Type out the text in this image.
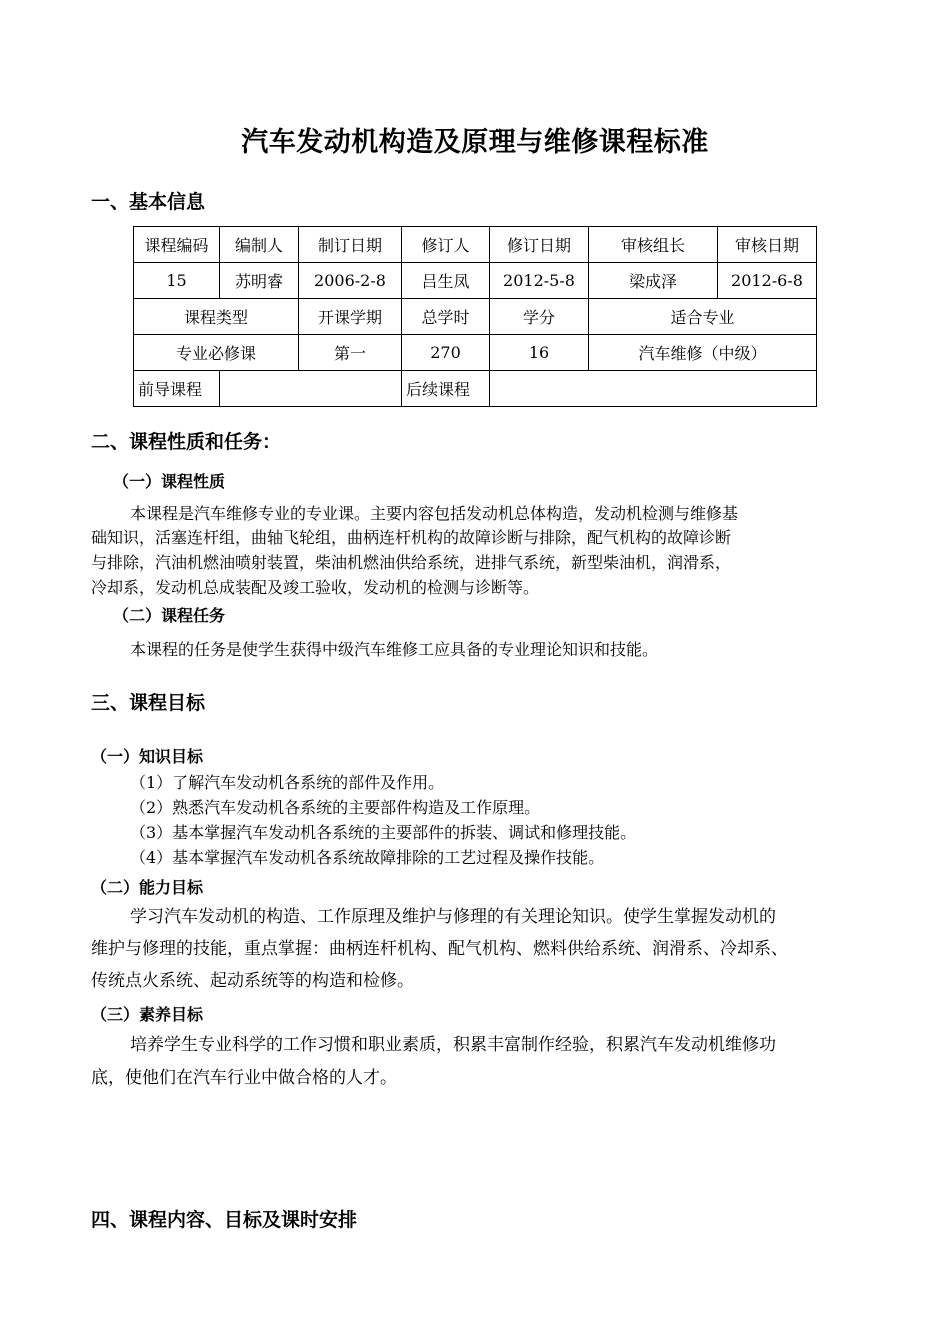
汽车发动机构造及原理与维修课程标准
一、基本信息
课程编码	编制人	制订日期	修订人	修订日期	审核组长	审核日期
15	苏明睿	2006-2-8	吕生凤	2012-5-8	梁成泽	2012-6-8
课程类型		开课学期	总学时	学分	适合专业	
专业必修课		第一	270	16	汽车维修（中级）	
前导课程			后续课程			
二、课程性质和任务：
（一）课程性质
本课程是汽车维修专业的专业课。主要内容包括发动机总体构造，发动机检测与维修基
础知识，活塞连杆组，曲轴飞轮组，曲柄连杆机构的故障诊断与排除，配气机构的故障诊断
与排除，汽油机燃油喷射装置，柴油机燃油供给系统，进排气系统，新型柴油机，润滑系，
冷却系，发动机总成装配及竣工验收，发动机的检测与诊断等。
（二）课程任务
本课程的任务是使学生获得中级汽车维修工应具备的专业理论知识和技能。
三、课程目标
（一）知识目标
（1）了解汽车发动机各系统的部件及作用。
（2）熟悉汽车发动机各系统的主要部件构造及工作原理。
（3）基本掌握汽车发动机各系统的主要部件的拆装、调试和修理技能。
（4）基本掌握汽车发动机各系统故障排除的工艺过程及操作技能。
（二）能力目标
学习汽车发动机的构造、工作原理及维护与修理的有关理论知识。使学生掌握发动机的
维护与修理的技能，重点掌握：曲柄连杆机构、配气机构、燃料供给系统、润滑系、冷却系、
传统点火系统、起动系统等的构造和检修。
（三）素养目标
培养学生专业科学的工作习惯和职业素质，积累丰富制作经验，积累汽车发动机维修功
底，使他们在汽车行业中做合格的人才。
四、课程内容、目标及课时安排
